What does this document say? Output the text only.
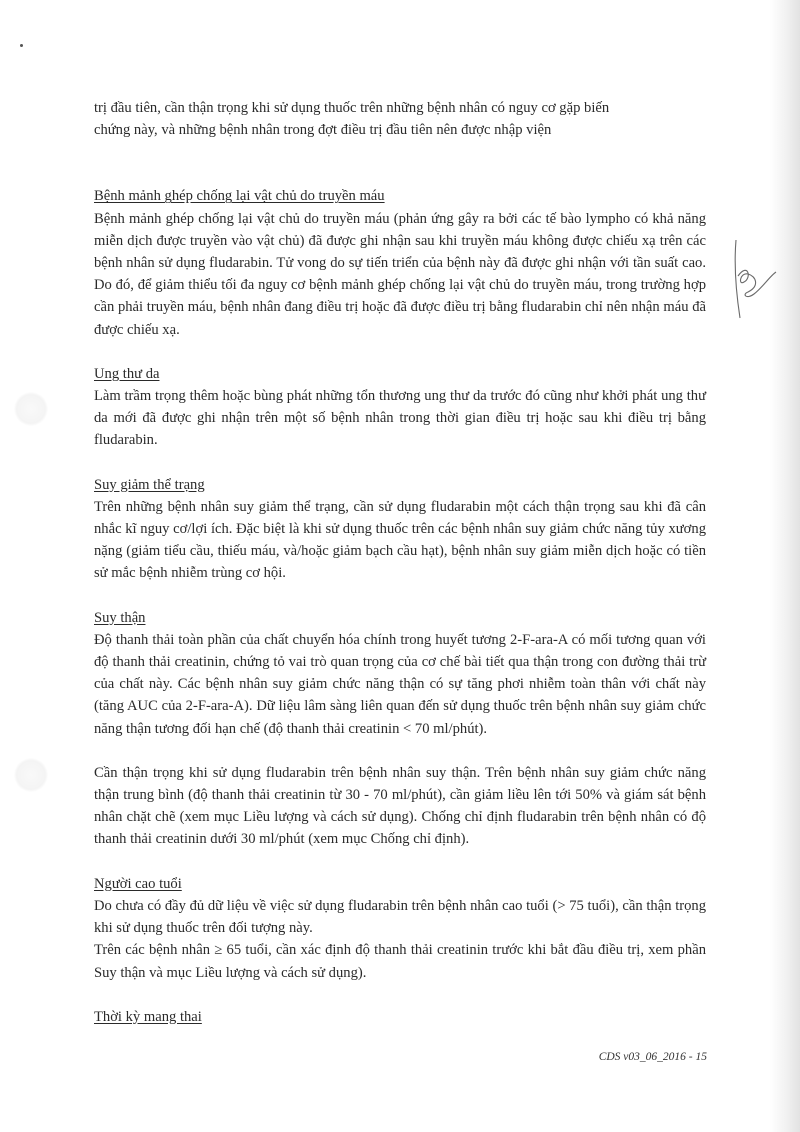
trị đầu tiên, cần thận trọng khi sử dụng thuốc trên những bệnh nhân có nguy cơ gặp biến

chứng này, và những bệnh nhân trong đợt điều trị đầu tiên nên được nhập viện

Bệnh mảnh ghép chống lại vật chủ do truyền máu

Bệnh mảnh ghép chống lại vật chủ do truyền máu (phản ứng gây ra bởi các tế bào lympho có khả năng miễn dịch được truyền vào vật chủ) đã được ghi nhận sau khi truyền máu không được chiếu xạ trên các bệnh nhân sử dụng fludarabin. Tử vong do sự tiến triển của bệnh này đã được ghi nhận với tần suất cao. Do đó, để giảm thiểu tối đa nguy cơ bệnh mảnh ghép chống lại vật chủ do truyền máu, trong trường hợp cần phải truyền máu, bệnh nhân đang điều trị hoặc đã được điều trị bằng fludarabin chỉ nên nhận máu đã được chiếu xạ.

Ung thư da

Làm trầm trọng thêm hoặc bùng phát những tổn thương ung thư da trước đó cũng như khởi phát ung thư da mới đã được ghi nhận trên một số bệnh nhân trong thời gian điều trị hoặc sau khi điều trị bằng fludarabin.

Suy giảm thể trạng

Trên những bệnh nhân suy giảm thể trạng, cần sử dụng fludarabin một cách thận trọng sau khi đã cân nhắc kĩ nguy cơ/lợi ích. Đặc biệt là khi sử dụng thuốc trên các bệnh nhân suy giảm chức năng tủy xương nặng (giảm tiểu cầu, thiếu máu, và/hoặc giảm bạch cầu hạt), bệnh nhân suy giảm miễn dịch hoặc có tiền sử mắc bệnh nhiễm trùng cơ hội.

Suy thận

Độ thanh thải toàn phần của chất chuyển hóa chính trong huyết tương 2-F-ara-A có mối tương quan với độ thanh thải creatinin, chứng tỏ vai trò quan trọng của cơ chế bài tiết qua thận trong con đường thải trừ của chất này. Các bệnh nhân suy giảm chức năng thận có sự tăng phơi nhiễm toàn thân với chất này (tăng AUC của 2-F-ara-A). Dữ liệu lâm sàng liên quan đến sử dụng thuốc trên bệnh nhân suy giảm chức năng thận tương đối hạn chế (độ thanh thải creatinin < 70 ml/phút).

Cần thận trọng khi sử dụng fludarabin trên bệnh nhân suy thận. Trên bệnh nhân suy giảm chức năng thận trung bình (độ thanh thải creatinin từ 30 - 70 ml/phút), cần giảm liều lên tới 50% và giám sát bệnh nhân chặt chẽ (xem mục Liều lượng và cách sử dụng). Chống chỉ định fludarabin trên bệnh nhân có độ thanh thải creatinin dưới 30 ml/phút (xem mục Chống chỉ định).

Người cao tuổi

Do chưa có đầy đủ dữ liệu về việc sử dụng fludarabin trên bệnh nhân cao tuổi (> 75 tuổi), cần thận trọng khi sử dụng thuốc trên đối tượng này.

Trên các bệnh nhân ≥ 65 tuổi, cần xác định độ thanh thải creatinin trước khi bắt đầu điều trị, xem phần Suy thận và mục Liều lượng và cách sử dụng).

Thời kỳ mang thai

CDS v03_06_2016 - 15
